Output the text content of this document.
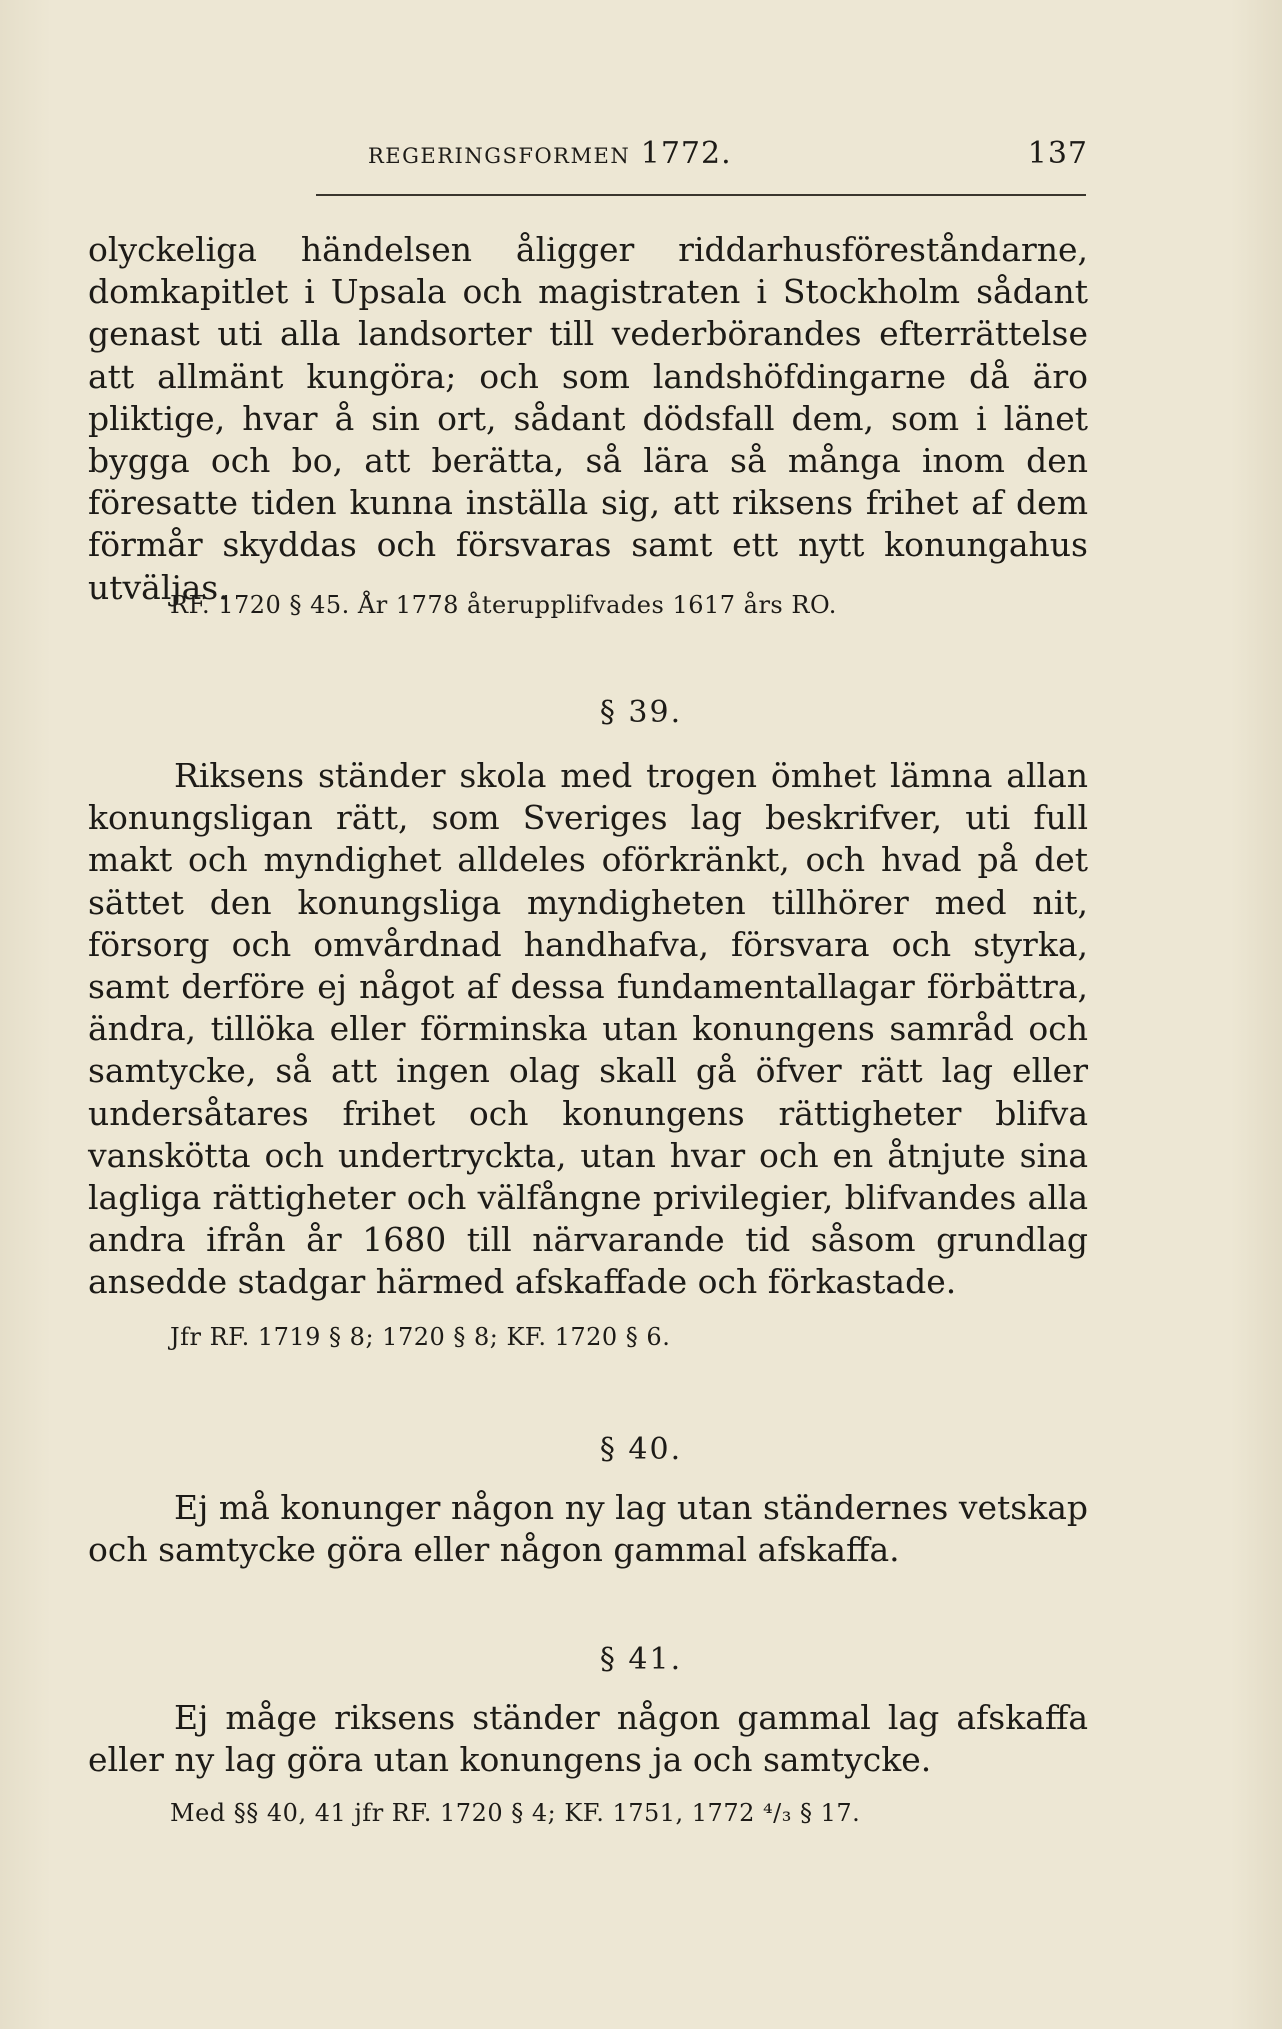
REGERINGSFORMEN 1772.	137

olyckeliga händelsen åligger riddarhusföreståndarne, domkapitlet i Upsala och magistraten i Stockholm sådant genast uti alla landsorter till vederbörandes efterrättelse att allmänt kungöra; och som landshöfdingarne då äro pliktige, hvar å sin ort, sådant dödsfall dem, som i länet bygga och bo, att berätta, så lära så många inom den föresatte tiden kunna inställa sig, att riksens frihet af dem förmår skyddas och försvaras samt ett nytt konungahus utväljas.

RF. 1720 § 45. År 1778 återupplifvades 1617 års RO.
§ 39.

Riksens ständer skola med trogen ömhet lämna allan konungsligan rätt, som Sveriges lag beskrifver, uti full makt och myndighet alldeles oförkränkt, och hvad på det sättet den konungsliga myndigheten tillhörer med nit, försorg och omvårdnad handhafva, försvara och styrka, samt derföre ej något af dessa fundamentallagar förbättra, ändra, tillöka eller förminska utan konungens samråd och samtycke, så att ingen olag skall gå öfver rätt lag eller undersåtares frihet och konungens rättigheter blifva vanskötta och undertryckta, utan hvar och en åtnjute sina lagliga rättigheter och välfångne privilegier, blifvandes alla andra ifrån år 1680 till närvarande tid såsom grundlag ansedde stadgar härmed afskaffade och förkastade.

Jfr RF. 1719 § 8; 1720 § 8; KF. 1720 § 6.
§ 40.

Ej må konunger någon ny lag utan ständernes vetskap och samtycke göra eller någon gammal afskaffa.

§ 41.

Ej måge riksens ständer någon gammal lag afskaffa eller ny lag göra utan konungens ja och samtycke.

Med §§ 40, 41 jfr RF. 1720 § 4; KF. 1751, 1772 ⁴/₃ § 17.
